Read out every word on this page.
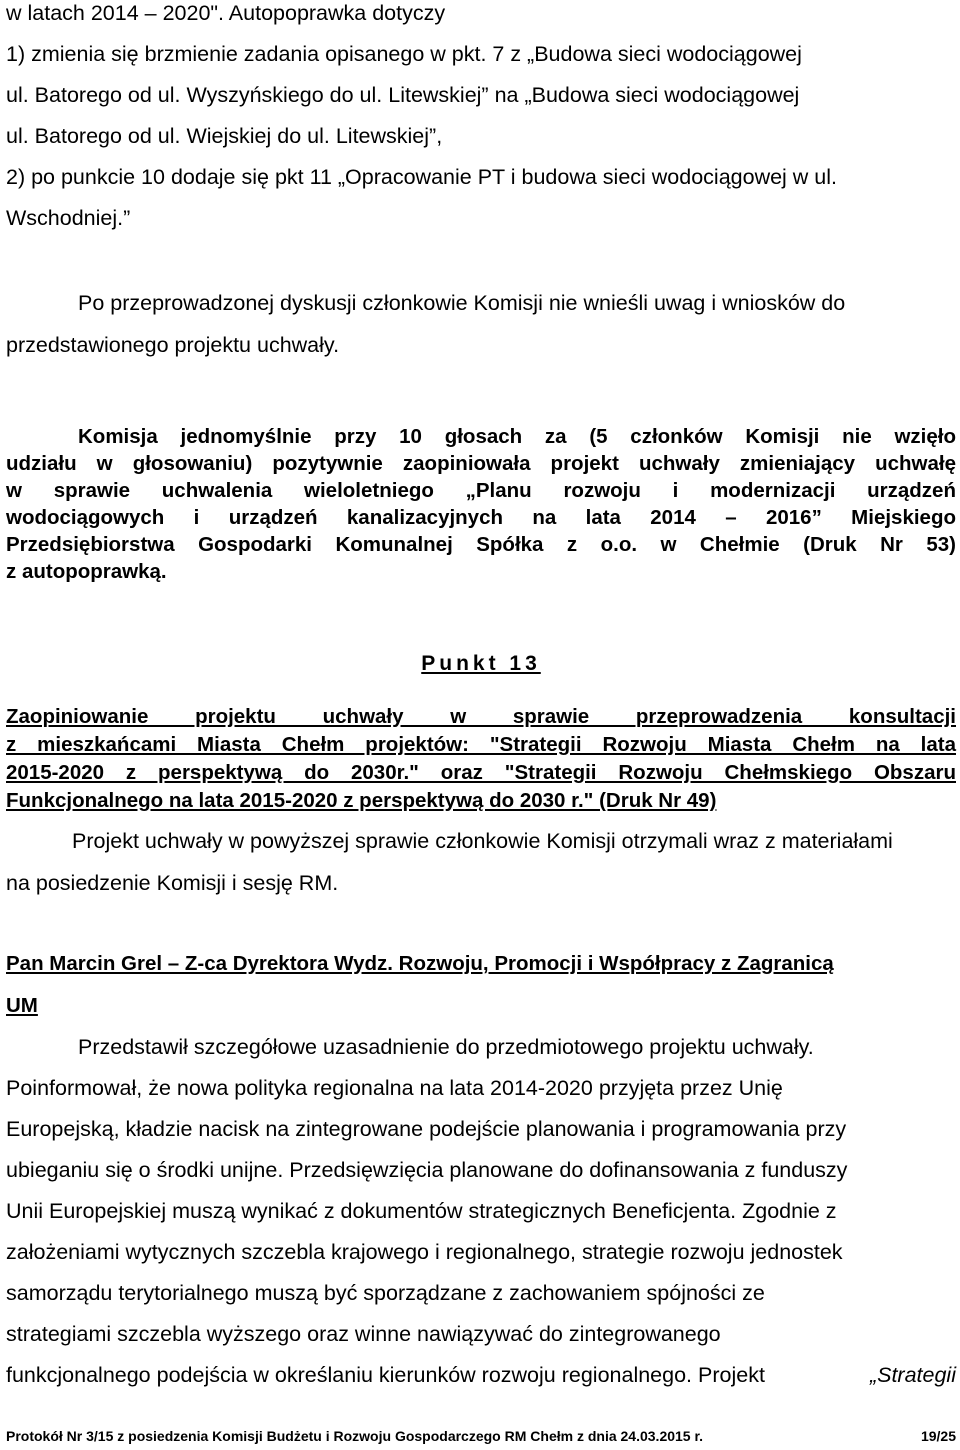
w latach 2014 – 2020". Autopoprawka dotyczy
1) zmienia się brzmienie zadania opisanego w pkt. 7 z „Budowa sieci wodociągowej
ul. Batorego od ul. Wyszyńskiego do ul. Litewskiej” na „Budowa sieci wodociągowej
ul. Batorego od ul. Wiejskiej do ul. Litewskiej”,
2) po punkcie 10 dodaje się pkt 11 „Opracowanie PT i budowa sieci wodociągowej w ul.
Wschodniej.”
Po przeprowadzonej dyskusji członkowie Komisji nie wnieśli uwag i wniosków do
przedstawionego projektu uchwały.
Komisja jednomyślnie przy 10 głosach za (5 członków Komisji nie wzięło
udziału w głosowaniu) pozytywnie zaopiniowała projekt uchwały zmieniający uchwałę
w sprawie uchwalenia wieloletniego „Planu rozwoju i modernizacji urządzeń
wodociągowych i urządzeń kanalizacyjnych na lata 2014 – 2016” Miejskiego
Przedsiębiorstwa Gospodarki Komunalnej Spółka z o.o. w Chełmie (Druk Nr 53)
z autopoprawką.
Punkt 13
Zaopiniowanie projektu uchwały w sprawie przeprowadzenia konsultacji
z mieszkańcami Miasta Chełm projektów: "Strategii Rozwoju Miasta Chełm na lata
2015-2020 z perspektywą do 2030r." oraz "Strategii Rozwoju Chełmskiego Obszaru
Funkcjonalnego na lata 2015-2020 z perspektywą do 2030 r." (Druk Nr 49)
Projekt uchwały w powyższej sprawie członkowie Komisji otrzymali wraz z materiałami
na posiedzenie Komisji i sesję RM.
Pan Marcin Grel – Z-ca Dyrektora Wydz. Rozwoju, Promocji i Współpracy z Zagranicą
UM
Przedstawił szczegółowe uzasadnienie do przedmiotowego projektu uchwały.
Poinformował, że nowa polityka regionalna na lata 2014-2020 przyjęta przez Unię
Europejską, kładzie nacisk na zintegrowane podejście planowania i programowania przy
ubieganiu się o środki unijne. Przedsięwzięcia planowane do dofinansowania z funduszy
Unii Europejskiej muszą wynikać z dokumentów strategicznych Beneficjenta. Zgodnie z
założeniami wytycznych szczebla krajowego i regionalnego, strategie rozwoju jednostek
samorządu terytorialnego muszą być sporządzane z zachowaniem spójności ze
strategiami szczebla wyższego oraz winne nawiązywać do zintegrowanego
funkcjonalnego podejścia w określaniu kierunków rozwoju regionalnego. Projekt	„Strategii
Protokół Nr 3/15 z posiedzenia Komisji Budżetu i Rozwoju Gospodarczego RM Chełm z dnia 24.03.2015 r.	19/25
